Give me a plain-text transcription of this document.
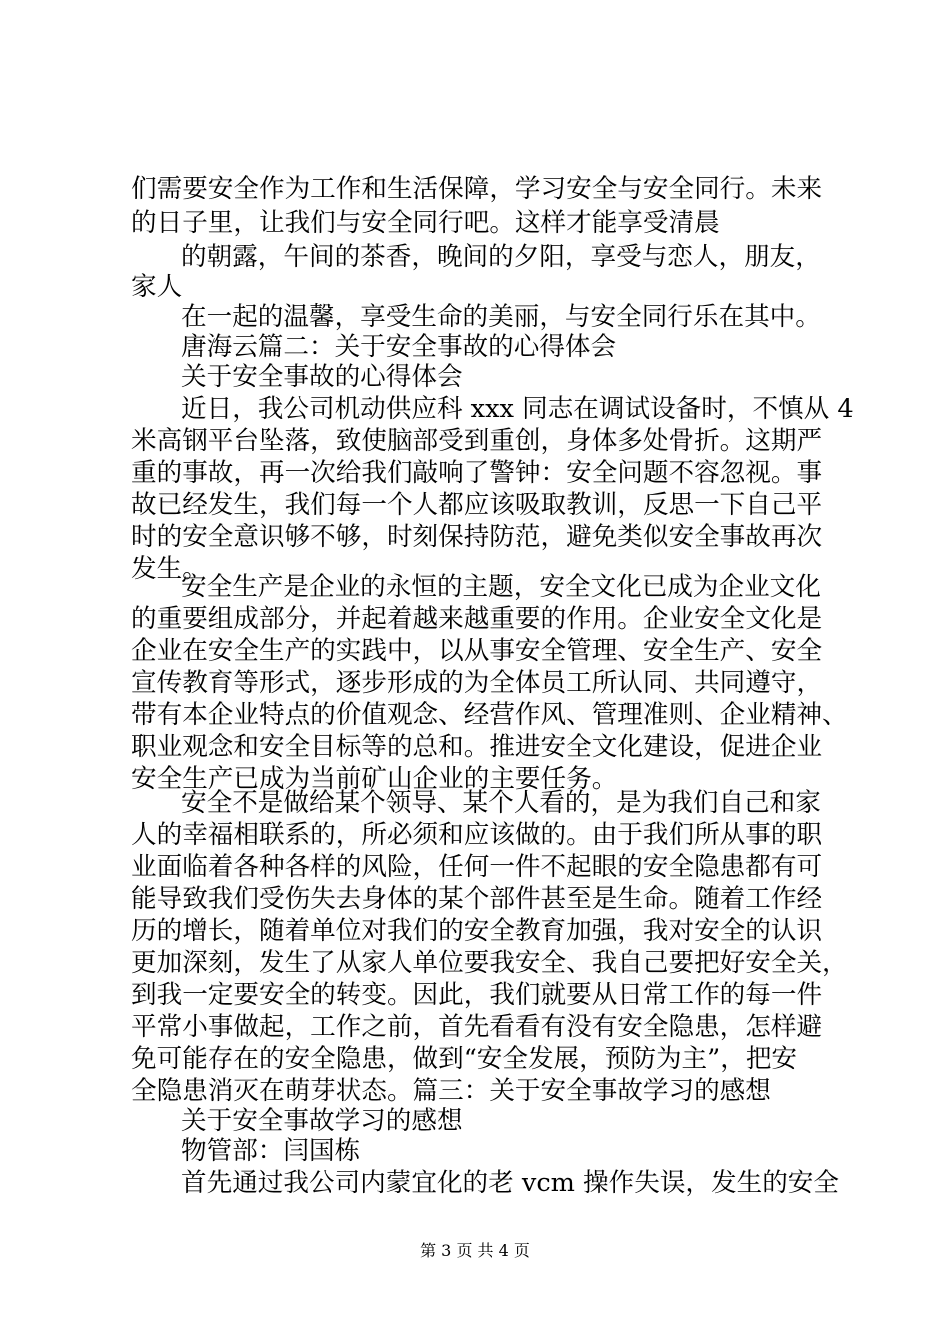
们需要安全作为工作和生活保障，学习安全与安全同行。未来
的日子里，让我们与安全同行吧。这样才能享受清晨
的朝露，午间的茶香，晚间的夕阳，享受与恋人，朋友，
家人
在一起的温馨，享受生命的美丽，与安全同行乐在其中。
唐海云篇二：关于安全事故的心得体会
关于安全事故的心得体会
近日，我公司机动供应科 xxx 同志在调试设备时，不慎从 4
米高钢平台坠落，致使脑部受到重创，身体多处骨折。这期严
重的事故，再一次给我们敲响了警钟：安全问题不容忽视。事
故已经发生，我们每一个人都应该吸取教训，反思一下自己平
时的安全意识够不够，时刻保持防范，避免类似安全事故再次
发生。
安全生产是企业的永恒的主题，安全文化已成为企业文化
的重要组成部分，并起着越来越重要的作用。企业安全文化是
企业在安全生产的实践中，以从事安全管理、安全生产、安全
宣传教育等形式，逐步形成的为全体员工所认同、共同遵守，
带有本企业特点的价值观念、经营作风、管理准则、企业精神、
职业观念和安全目标等的总和。推进安全文化建设，促进企业
安全生产已成为当前矿山企业的主要任务。
安全不是做给某个领导、某个人看的，是为我们自己和家
人的幸福相联系的，所必须和应该做的。由于我们所从事的职
业面临着各种各样的风险，任何一件不起眼的安全隐患都有可
能导致我们受伤失去身体的某个部件甚至是生命。随着工作经
历的增长，随着单位对我们的安全教育加强，我对安全的认识
更加深刻，发生了从家人单位要我安全、我自己要把好安全关，
到我一定要安全的转变。因此，我们就要从日常工作的每一件
平常小事做起，工作之前，首先看看有没有安全隐患，怎样避
免可能存在的安全隐患，做到“安全发展，预防为主”，把安
全隐患消灭在萌芽状态。篇三：关于安全事故学习的感想
关于安全事故学习的感想
物管部：闫国栋
首先通过我公司内蒙宜化的老 vcm 操作失误，发生的安全
第 3 页 共 4 页
